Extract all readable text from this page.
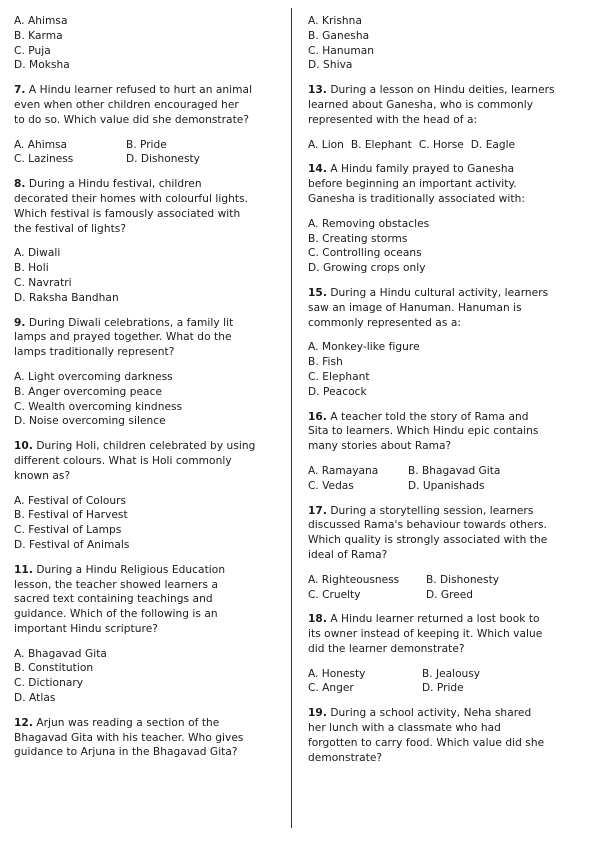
A. Ahimsa
B. Karma
C. Puja
D. Moksha
7. A Hindu learner refused to hurt an animal
even when other children encouraged her
to do so. Which value did she demonstrate?
A. Ahimsa	B. Pride
C. Laziness	D. Dishonesty
8. During a Hindu festival, children
decorated their homes with colourful lights.
Which festival is famously associated with
the festival of lights?
A. Diwali
B. Holi
C. Navratri
D. Raksha Bandhan
9. During Diwali celebrations, a family lit
lamps and prayed together. What do the
lamps traditionally represent?
A. Light overcoming darkness
B. Anger overcoming peace
C. Wealth overcoming kindness
D. Noise overcoming silence
10. During Holi, children celebrated by using
different colours. What is Holi commonly
known as?
A. Festival of Colours
B. Festival of Harvest
C. Festival of Lamps
D. Festival of Animals
11. During a Hindu Religious Education
lesson, the teacher showed learners a
sacred text containing teachings and
guidance. Which of the following is an
important Hindu scripture?
A. Bhagavad Gita
B. Constitution
C. Dictionary
D. Atlas
12. Arjun was reading a section of the
Bhagavad Gita with his teacher. Who gives
guidance to Arjuna in the Bhagavad Gita?
A. Krishna
B. Ganesha
C. Hanuman
D. Shiva
13. During a lesson on Hindu deities, learners
learned about Ganesha, who is commonly
represented with the head of a:
A. Lion B. Elephant C. Horse D. Eagle
14. A Hindu family prayed to Ganesha
before beginning an important activity.
Ganesha is traditionally associated with:
A. Removing obstacles
B. Creating storms
C. Controlling oceans
D. Growing crops only
15. During a Hindu cultural activity, learners
saw an image of Hanuman. Hanuman is
commonly represented as a:
A. Monkey-like figure
B. Fish
C. Elephant
D. Peacock
16. A teacher told the story of Rama and
Sita to learners. Which Hindu epic contains
many stories about Rama?
A. Ramayana	B. Bhagavad Gita
C. Vedas	D. Upanishads
17. During a storytelling session, learners
discussed Rama's behaviour towards others.
Which quality is strongly associated with the
ideal of Rama?
A. Righteousness	B. Dishonesty
C. Cruelty	D. Greed
18. A Hindu learner returned a lost book to
its owner instead of keeping it. Which value
did the learner demonstrate?
A. Honesty	B. Jealousy
C. Anger	D. Pride
19. During a school activity, Neha shared
her lunch with a classmate who had
forgotten to carry food. Which value did she
demonstrate?
